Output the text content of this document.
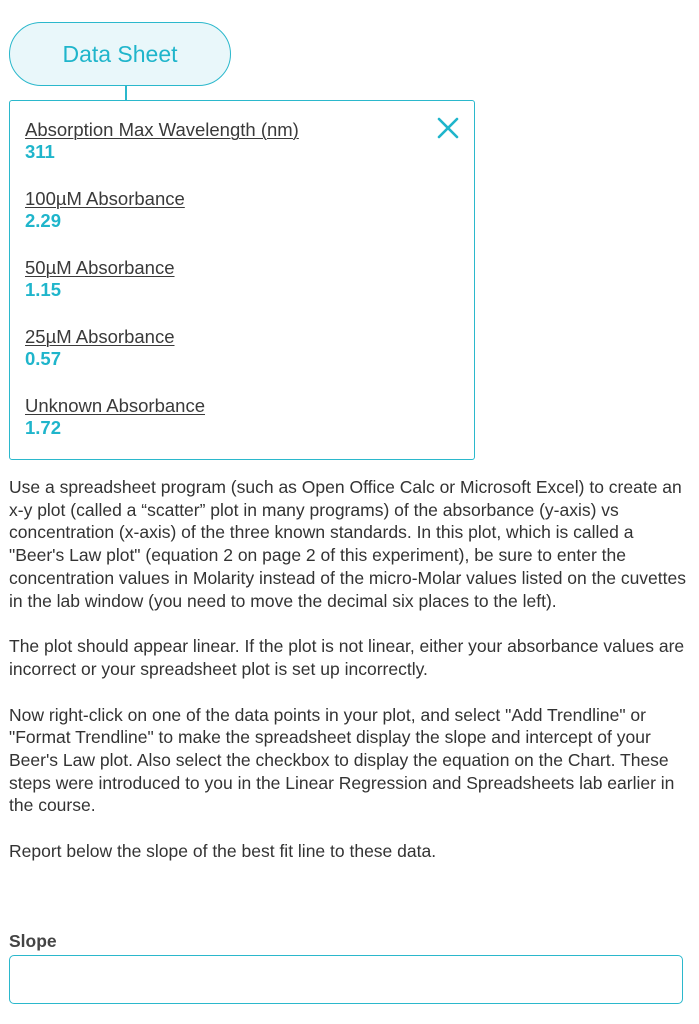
Data Sheet
Absorption Max Wavelength (nm)
311
100µM Absorbance
2.29
50µM Absorbance
1.15
25µM Absorbance
0.57
Unknown Absorbance
1.72

Use a spreadsheet program (such as Open Office Calc or Microsoft Excel) to create an x-y plot (called a “scatter” plot in many programs) of the absorbance (y-axis) vs concentration (x-axis) of the three known standards. In this plot, which is called a "Beer's Law plot" (equation 2 on page 2 of this experiment), be sure to enter the concentration values in Molarity instead of the micro-Molar values listed on the cuvettes in the lab window (you need to move the decimal six places to the left).

The plot should appear linear. If the plot is not linear, either your absorbance values are incorrect or your spreadsheet plot is set up incorrectly.

Now right-click on one of the data points in your plot, and select "Add Trendline" or "Format Trendline" to make the spreadsheet display the slope and intercept of your Beer's Law plot. Also select the checkbox to display the equation on the Chart. These steps were introduced to you in the Linear Regression and Spreadsheets lab earlier in the course.

Report below the slope of the best fit line to these data.

Slope
